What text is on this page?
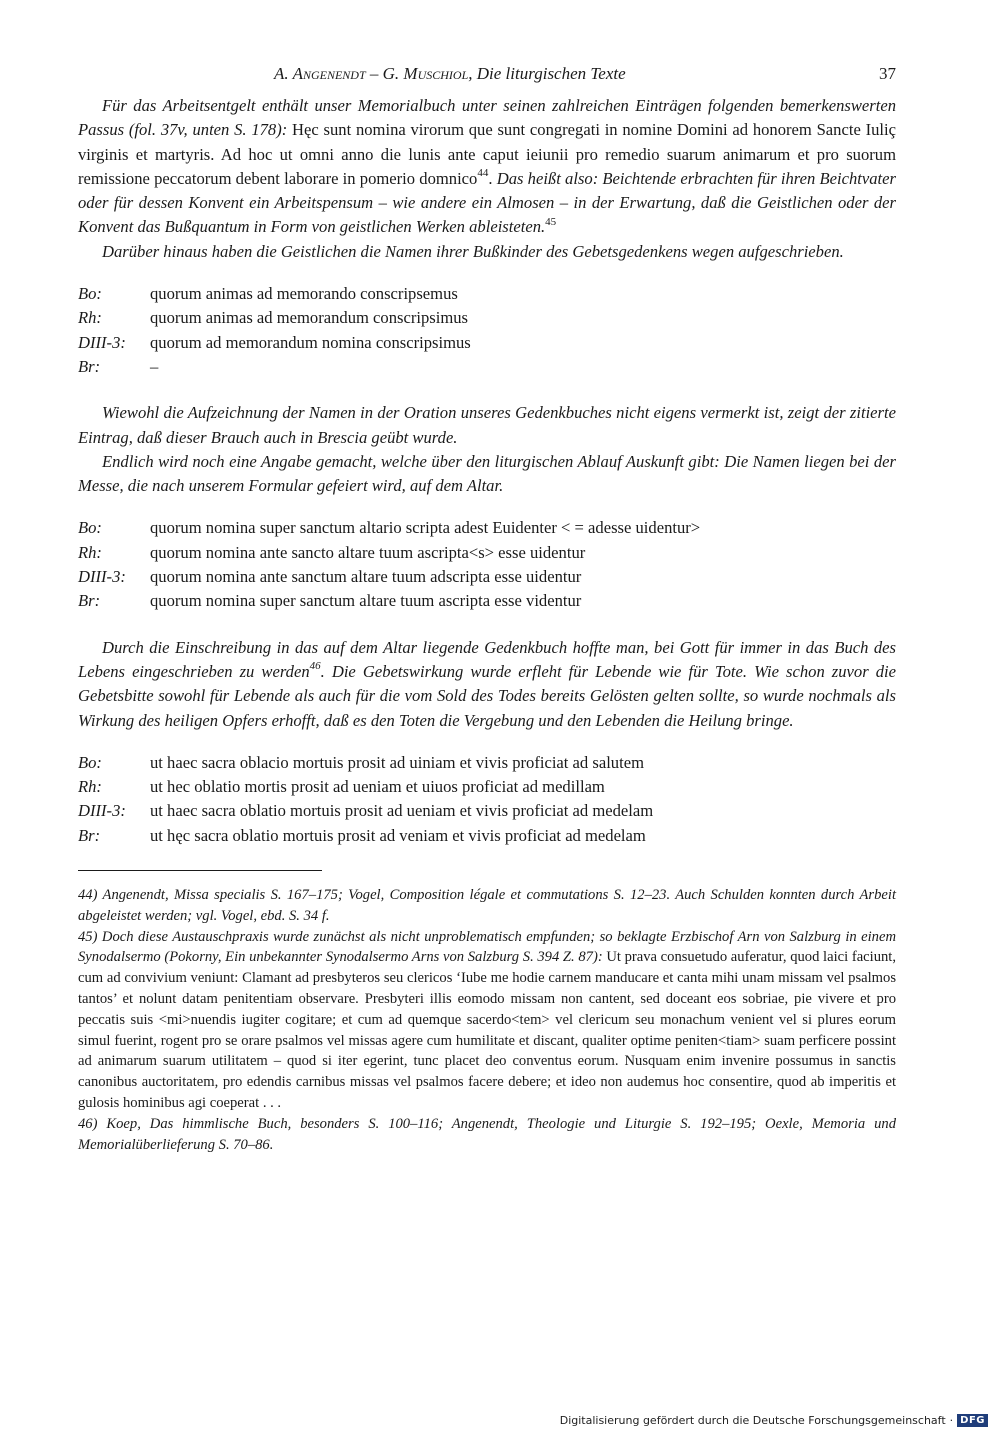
A. Angenendt – G. Muschiol, Die liturgischen Texte	37

Für das Arbeitsentgelt enthält unser Memorialbuch unter seinen zahlreichen Einträgen folgenden bemerkenswerten Passus (fol. 37v, unten S. 178): Hęc sunt nomina virorum que sunt congregati in nomine Domini ad honorem Sancte Iuliç virginis et martyris. Ad hoc ut omni anno die lunis ante caput ieiunii pro remedio suarum animarum et pro suorum remissione peccatorum debent laborare in pomerio domnico$^{44}$. Das heißt also: Beichtende erbrachten für ihren Beichtvater oder für dessen Konvent ein Arbeitspensum – wie andere ein Almosen – in der Erwartung, daß die Geistlichen oder der Konvent das Bußquantum in Form von geistlichen Werken ableisteten.$^{45}$

Darüber hinaus haben die Geistlichen die Namen ihrer Bußkinder des Gebetsgedenkens wegen aufgeschrieben.

Bo:	quorum animas ad memorando conscripsemus
Rh:	quorum animas ad memorandum conscripsimus
DIII-3:	quorum ad memorandum nomina conscripsimus
Br:	–

Wiewohl die Aufzeichnung der Namen in der Oration unseres Gedenkbuches nicht eigens vermerkt ist, zeigt der zitierte Eintrag, daß dieser Brauch auch in Brescia geübt wurde.

Endlich wird noch eine Angabe gemacht, welche über den liturgischen Ablauf Auskunft gibt: Die Namen liegen bei der Messe, die nach unserem Formular gefeiert wird, auf dem Altar.

Bo:	quorum nomina super sanctum altario scripta adest Euidenter < = adesse uidentur>
Rh:	quorum nomina ante sancto altare tuum ascripta<s> esse uidentur
DIII-3:	quorum nomina ante sanctum altare tuum adscripta esse uidentur
Br:	quorum nomina super sanctum altare tuum ascripta esse videntur

Durch die Einschreibung in das auf dem Altar liegende Gedenkbuch hoffte man, bei Gott für immer in das Buch des Lebens eingeschrieben zu werden$^{46}$. Die Gebetswirkung wurde erfleht für Lebende wie für Tote. Wie schon zuvor die Gebetsbitte sowohl für Lebende als auch für die vom Sold des Todes bereits Gelösten gelten sollte, so wurde nochmals als Wirkung des heiligen Opfers erhofft, daß es den Toten die Vergebung und den Lebenden die Heilung bringe.

Bo:	ut haec sacra oblacio mortuis prosit ad uiniam et vivis proficiat ad salutem
Rh:	ut hec oblatio mortis prosit ad ueniam et uiuos proficiat ad medillam
DIII-3:	ut haec sacra oblatio mortuis prosit ad ueniam et vivis proficiat ad medelam
Br:	ut hęc sacra oblatio mortuis prosit ad veniam et vivis proficiat ad medelam

44) Angenendt, Missa specialis S. 167–175; Vogel, Composition légale et commutations S. 12–23. Auch Schulden konnten durch Arbeit abgeleistet werden; vgl. Vogel, ebd. S. 34 f.

45) Doch diese Austauschpraxis wurde zunächst als nicht unproblematisch empfunden; so beklagte Erzbischof Arn von Salzburg in einem Synodalsermo (Pokorny, Ein unbekannter Synodalsermo Arns von Salzburg S. 394 Z. 87): Ut prava consuetudo auferatur, quod laici faciunt, cum ad convivium veniunt: Clamant ad presbyteros seu clericos ‘Iube me hodie carnem manducare et canta mihi unam missam vel psalmos tantos’ et nolunt datam penitentiam observare. Presbyteri illis eomodo missam non cantent, sed doceant eos sobriae, pie vivere et pro peccatis suis <mi>nuendis iugiter cogitare; et cum ad quemque sacerdo<tem> vel clericum seu monachum venient vel si plures eorum simul fuerint, rogent pro se orare psalmos vel missas agere cum humilitate et discant, qualiter optime peniten<tiam> suam perficere possint ad animarum suarum utilitatem – quod si iter egerint, tunc placet deo conventus eorum. Nusquam enim invenire possumus in sanctis canonibus auctoritatem, pro edendis carnibus missas vel psalmos facere debere; et ideo non audemus hoc consentire, quod ab imperitis et gulosis hominibus agi coeperat . . .

46) Koep, Das himmlische Buch, besonders S. 100–116; Angenendt, Theologie und Liturgie S. 192–195; Oexle, Memoria und Memorialüberlieferung S. 70–86.

Digitalisierung gefördert durch die Deutsche Forschungsgemeinschaft · DFG
